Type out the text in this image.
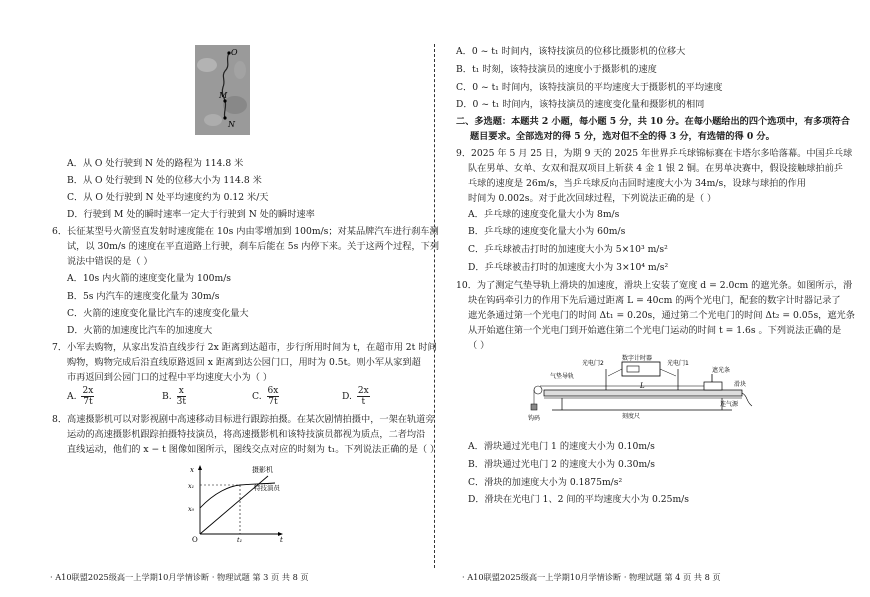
O
M
N
A．从 O 处行驶到 N 处的路程为 114.8 米
B．从 O 处行驶到 N 处的位移大小为 114.8 米
C．从 O 处行驶到 N 处平均速度约为 0.12 米/天
D．行驶到 M 处的瞬时速率一定大于行驶到 N 处的瞬时速率
6．长征某型号火箭竖直发射时速度能在 10s 内由零增加到 100m/s；对某品牌汽车进行刹车测
试，以 30m/s 的速度在平直道路上行驶，刹车后能在 5s 内停下来。关于这两个过程，下列
说法中错误的是（ ）
A．10s 内火箭的速度变化量为 100m/s
B．5s 内汽车的速度变化量为 30m/s
C．火箭的速度变化量比汽车的速度变化量大
D．火箭的加速度比汽车的加速度大
7．小军去购物，从家出发沿直线步行 2x 距离到达超市，步行所用时间为 t，在超市用 2t 时间
购物，购物完成后沿直线原路返回 x 距离到达公园门口，用时为 0.5t。则小军从家到超
市再返回到公园门口的过程中平均速度大小为（ ）
A. $\frac{2x}{7t}$	B. $\frac{x}{3t}$	C. $\frac{6x}{7t}$	D. $\frac{2x}{t}$
8．高速摄影机可以对影视剧中高速移动目标进行跟踪拍摄。在某次剧情拍摄中，一架在轨道旁
运动的高速摄影机跟踪拍摄特技演员，将高速摄影机和该特技演员都视为质点，二者均沿
直线运动，他们的 x − t 图像如图所示，图线交点对应的时刻为 t₁。下列说法正确的是（ ）
x
t
O
x₁
x₀
t₁
摄影机
特技演员
· A10联盟2025级高一上学期10月学情诊断 · 物理试题 第 3 页 共 8 页
A．0 ~ t₁ 时间内，该特技演员的位移比摄影机的位移大
B．t₁ 时刻，该特技演员的速度小于摄影机的速度
C．0 ~ t₁ 时间内，该特技演员的平均速度大于摄影机的平均速度
D．0 ~ t₁ 时间内，该特技演员的速度变化量和摄影机的相同
二、多选题：本题共 2 小题，每小题 5 分，共 10 分。在每小题给出的四个选项中，有多项符合
题目要求。全部选对的得 5 分，选对但不全的得 3 分，有选错的得 0 分。
9．2025 年 5 月 25 日，为期 9 天的 2025 年世界乒乓球锦标赛在卡塔尔多哈落幕。中国乒乓球
队在男单、女单、女双和混双项目上斩获 4 金 1 银 2 铜。在男单决赛中，假设接触球拍前乒
乓球的速度是 26m/s，当乒乓球反向击回时速度大小为 34m/s，设球与球拍的作用
时间为 0.002s。对于此次回球过程，下列说法正确的是（ ）
A．乒乓球的速度变化量大小为 8m/s
B．乒乓球的速度变化量大小为 60m/s
C．乒乓球被击打时的加速度大小为 5×10³ m/s²
D．乒乓球被击打时的加速度大小为 3×10⁴ m/s²
10．为了测定气垫导轨上滑块的加速度，滑块上安装了宽度 d = 2.0cm 的遮光条。如图所示，滑
块在钩码牵引力的作用下先后通过距离 L = 40cm 的两个光电门，配套的数字计时器记录了
遮光条通过第一个光电门的时间 Δt₁ = 0.20s，通过第二个光电门的时间 Δt₂ = 0.05s，遮光条
从开始遮住第一个光电门到开始遮住第二个光电门运动的时间 t = 1.6s 。下列说法正确的是
（ ）
数字计时器
光电门2	光电门1
气垫导轨
遮光条
滑块
连气源
钩码	刻度尺
L
A．滑块通过光电门 1 的速度大小为 0.10m/s
B．滑块通过光电门 2 的速度大小为 0.30m/s
C．滑块的加速度大小为 0.1875m/s²
D．滑块在光电门 1、2 间的平均速度大小为 0.25m/s
· A10联盟2025级高一上学期10月学情诊断 · 物理试题 第 4 页 共 8 页
